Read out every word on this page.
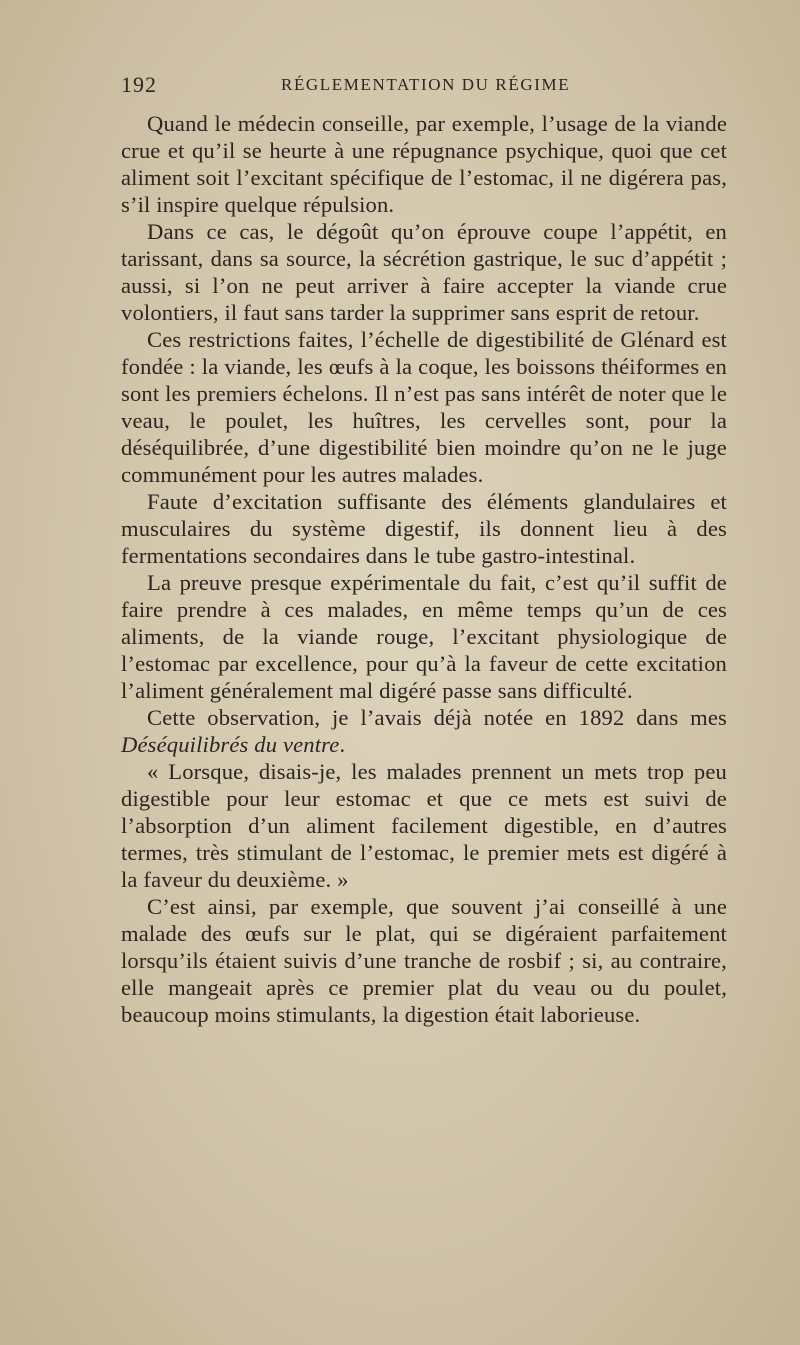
192	RÉGLEMENTATION DU RÉGIME

Quand le médecin conseille, par exemple, l’usage de la viande crue et qu’il se heurte à une répugnance psychique, quoi que cet aliment soit l’excitant spécifique de l’estomac, il ne digérera pas, s’il inspire quelque répulsion.

Dans ce cas, le dégoût qu’on éprouve coupe l’appétit, en tarissant, dans sa source, la sécrétion gastrique, le suc d’appétit ; aussi, si l’on ne peut arriver à faire accepter la viande crue volontiers, il faut sans tarder la supprimer sans esprit de retour.

Ces restrictions faites, l’échelle de digestibilité de Glénard est fondée : la viande, les œufs à la coque, les boissons théiformes en sont les premiers échelons. Il n’est pas sans intérêt de noter que le veau, le poulet, les huîtres, les cervelles sont, pour la déséquilibrée, d’une digestibilité bien moindre qu’on ne le juge communément pour les autres malades.

Faute d’excitation suffisante des éléments glandulaires et musculaires du système digestif, ils donnent lieu à des fermentations secondaires dans le tube gastro-intestinal.

La preuve presque expérimentale du fait, c’est qu’il suffit de faire prendre à ces malades, en même temps qu’un de ces aliments, de la viande rouge, l’excitant physiologique de l’estomac par excellence, pour qu’à la faveur de cette excitation l’aliment généralement mal digéré passe sans difficulté.

Cette observation, je l’avais déjà notée en 1892 dans mes Déséquilibrés du ventre.

« Lorsque, disais-je, les malades prennent un mets trop peu digestible pour leur estomac et que ce mets est suivi de l’absorption d’un aliment facilement digestible, en d’autres termes, très stimulant de l’estomac, le premier mets est digéré à la faveur du deuxième. »

C’est ainsi, par exemple, que souvent j’ai conseillé à une malade des œufs sur le plat, qui se digéraient parfaitement lorsqu’ils étaient suivis d’une tranche de rosbif ; si, au contraire, elle mangeait après ce premier plat du veau ou du poulet, beaucoup moins stimulants, la digestion était laborieuse.
